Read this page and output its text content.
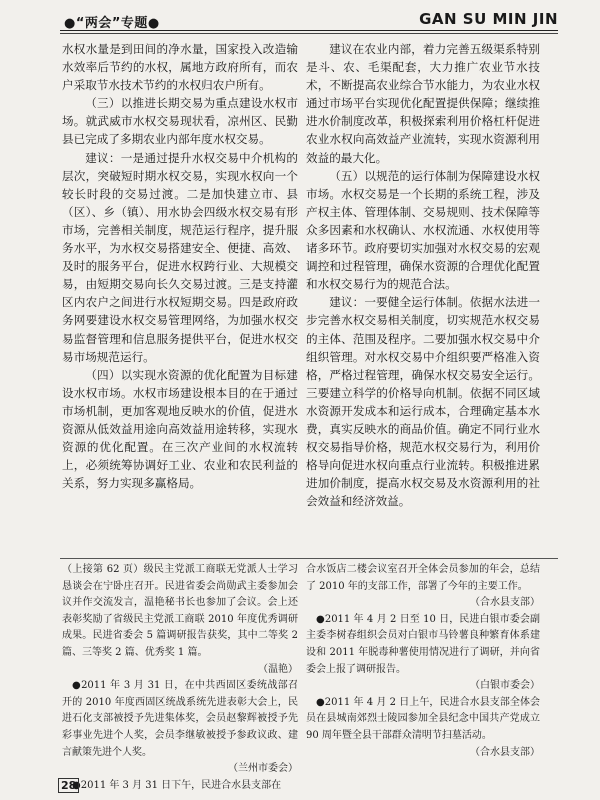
●“两会”专题●	GAN SU MIN JIN

水权水量是到田间的净水量，国家投入改造输水效率后节约的水权，属地方政府所有，而农户采取节水技术节约的水权归农户所有。

（三）以推进长期交易为重点建设水权市场。就武威市水权交易现状看，凉州区、民勤县已完成了多期农业内部年度水权交易。

建议：一是通过提升水权交易中介机构的层次，突破短时期水权交易，实现水权向一个较长时段的交易过渡。二是加快建立市、县（区）、乡（镇）、用水协会四级水权交易有形市场，完善相关制度，规范运行程序，提升服务水平，为水权交易搭建安全、便捷、高效、及时的服务平台，促进水权跨行业、大规模交易，由短期交易向长久交易过渡。三是支持灌区内农户之间进行水权短期交易。四是政府政务网要建设水权交易管理网络，为加强水权交易监督管理和信息服务提供平台，促进水权交易市场规范运行。

（四）以实现水资源的优化配置为目标建设水权市场。水权市场建设根本目的在于通过市场机制，更加客观地反映水的价值，促进水资源从低效益用途向高效益用途转移，实现水资源的优化配置。在三次产业间的水权流转上，必须统筹协调好工业、农业和农民利益的关系，努力实现多赢格局。

建议在农业内部，着力完善五级渠系特别是斗、农、毛渠配套，大力推广农业节水技术，不断提高农业综合节水能力，为农业水权通过市场平台实现优化配置提供保障；继续推进水价制度改革，积极探索利用价格杠杆促进农业水权向高效益产业流转，实现水资源利用效益的最大化。

（五）以规范的运行体制为保障建设水权市场。水权交易是一个长期的系统工程，涉及产权主体、管理体制、交易规则、技术保障等众多因素和水权确认、水权流通、水权使用等诸多环节。政府要切实加强对水权交易的宏观调控和过程管理，确保水资源的合理优化配置和水权交易行为的规范合法。

建议：一要健全运行体制。依据水法进一步完善水权交易相关制度，切实规范水权交易的主体、范围及程序。二要加强水权交易中介组织管理。对水权交易中介组织要严格准入资格，严格过程管理，确保水权交易安全运行。三要建立科学的价格导向机制。依据不同区域水资源开发成本和运行成本，合理确定基本水费，真实反映水的商品价值。确定不同行业水权交易指导价格，规范水权交易行为，利用价格导向促进水权向重点行业流转。积极推进累进加价制度，提高水权交易及水资源利用的社会效益和经济效益。

（上接第 62 页）级民主党派工商联无党派人士学习恳谈会在宁卧庄召开。民进省委会尚勋武主委参加会议并作交流发言，温艳秘书长也参加了会议。会上还表彰奖励了省级民主党派工商联 2010 年度优秀调研成果。民进省委会 5 篇调研报告获奖，其中二等奖 2 篇、三等奖 2 篇、优秀奖 1 篇。
（温艳）

●2011 年 3 月 31 日，在中共西固区委统战部召开的 2010 年度西固区统战系统先进表彰大会上，民进石化支部被授予先进集体奖，会员赵黎辉被授予先彩事业先进个人奖，会员李继敏被授予参政议政、建言献策先进个人奖。
（兰州市委会）

●2011 年 3 月 31 日下午，民进合水县支部在

合水饭店二楼会议室召开全体会员参加的年会，总结了 2010 年的支部工作，部署了今年的主要工作。
（合水县支部）

●2011 年 4 月 2 日至 10 日，民进白银市委会副主委李树春组织会员对白银市马铃薯良种繁育体系建设和 2011 年脱毒种薯使用情况进行了调研，并向省委会上报了调研报告。
（白银市委会）

●2011 年 4 月 2 日上午，民进合水县支部全体会员在县城南郊烈士陵园参加全县纪念中国共产党成立 90 周年暨全县干部群众清明节扫墓活动。
（合水县支部）

28
